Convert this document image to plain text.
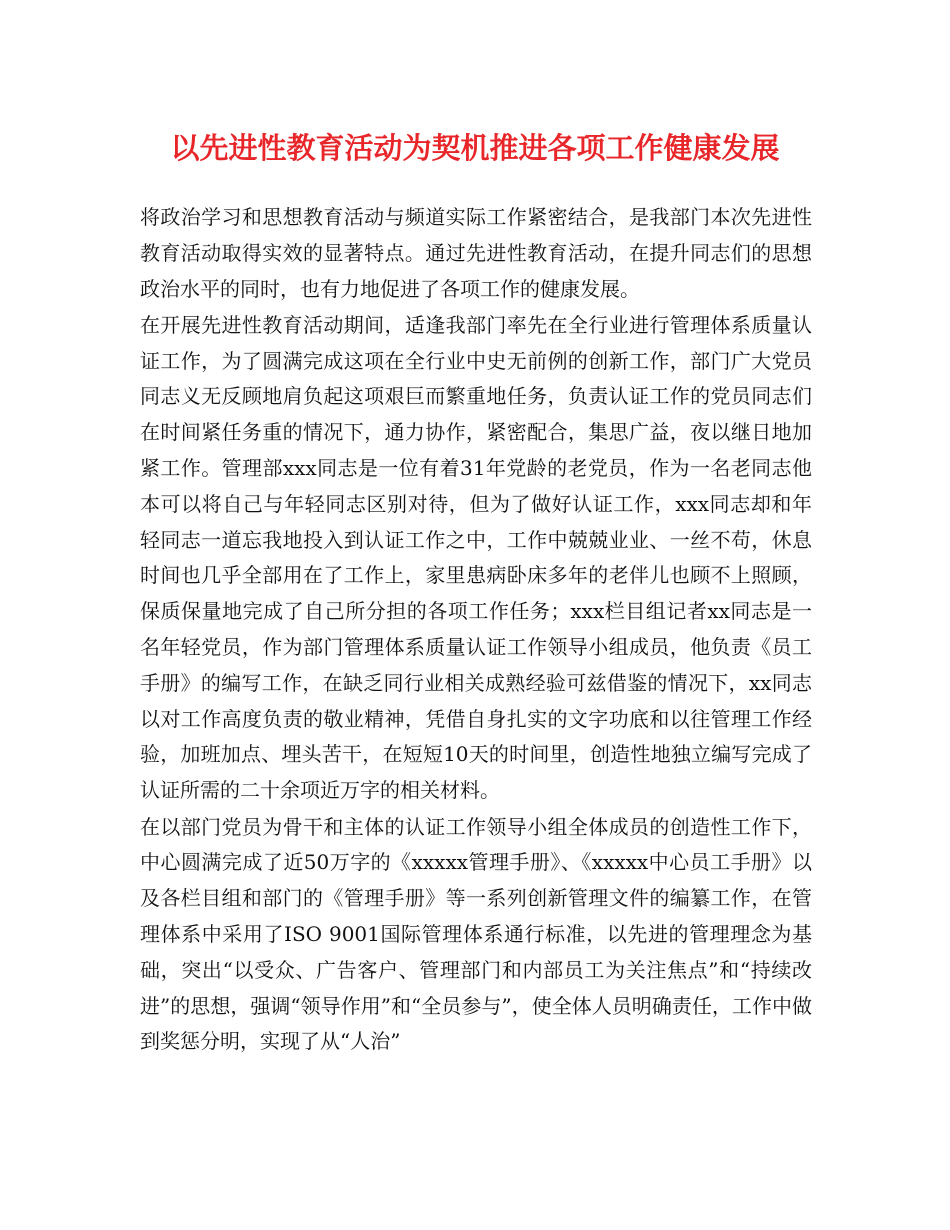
以先进性教育活动为契机推进各项工作健康发展

将政治学习和思想教育活动与频道实际工作紧密结合，是我部门本次先进性教育活动取得实效的显著特点。通过先进性教育活动，在提升同志们的思想政治水平的同时，也有力地促进了各项工作的健康发展。

在开展先进性教育活动期间，适逢我部门率先在全行业进行管理体系质量认证工作，为了圆满完成这项在全行业中史无前例的创新工作，部门广大党员同志义无反顾地肩负起这项艰巨而繁重地任务，负责认证工作的党员同志们在时间紧任务重的情况下，通力协作，紧密配合，集思广益，夜以继日地加紧工作。管理部xxx同志是一位有着31年党龄的老党员，作为一名老同志他本可以将自己与年轻同志区别对待，但为了做好认证工作，xxx同志却和年轻同志一道忘我地投入到认证工作之中，工作中兢兢业业、一丝不苟，休息时间也几乎全部用在了工作上，家里患病卧床多年的老伴儿也顾不上照顾，保质保量地完成了自己所分担的各项工作任务；xxx栏目组记者xx同志是一名年轻党员，作为部门管理体系质量认证工作领导小组成员，他负责《员工手册》的编写工作，在缺乏同行业相关成熟经验可兹借鉴的情况下，xx同志以对工作高度负责的敬业精神，凭借自身扎实的文字功底和以往管理工作经验，加班加点、埋头苦干，在短短10天的时间里，创造性地独立编写完成了认证所需的二十余项近万字的相关材料。

在以部门党员为骨干和主体的认证工作领导小组全体成员的创造性工作下，中心圆满完成了近50万字的《xxxxx管理手册》、《xxxxx中心员工手册》以及各栏目组和部门的《管理手册》等一系列创新管理文件的编纂工作，在管理体系中采用了ISO 9001国际管理体系通行标准，以先进的管理理念为基础，突出“以受众、广告客户、管理部门和内部员工为关注焦点”和“持续改进”的思想，强调“领导作用”和“全员参与”，使全体人员明确责任，工作中做到奖惩分明，实现了从“人治”
